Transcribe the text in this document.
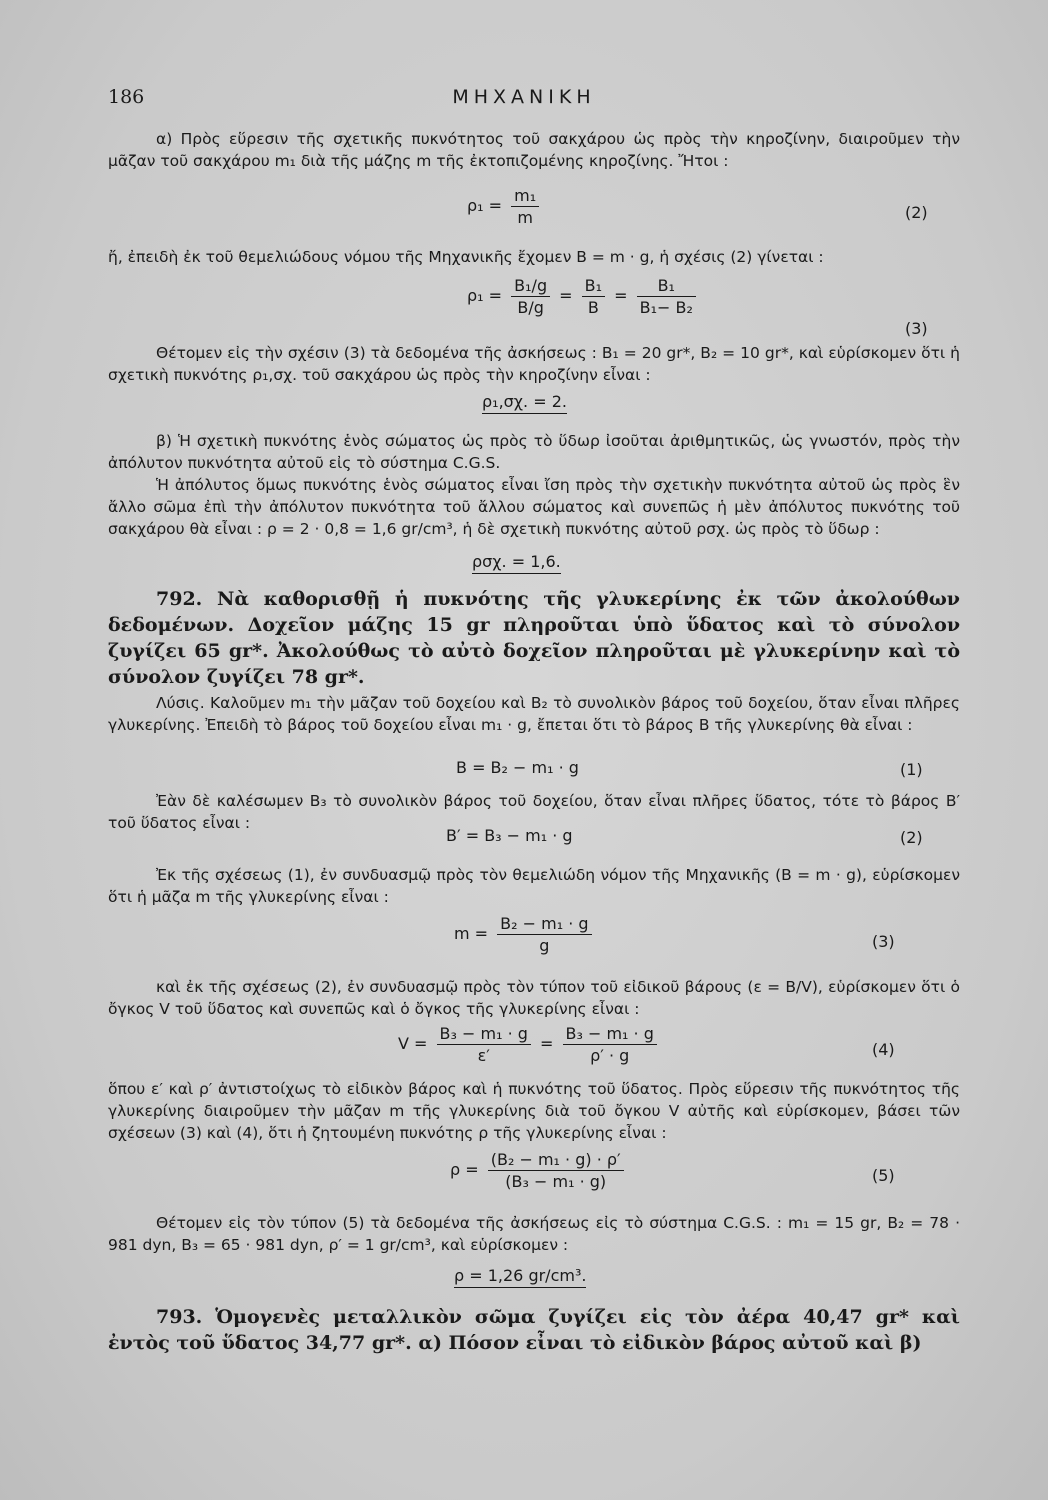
186	ΜΗΧΑΝΙΚΗ
α) Πρὸς εὕρεσιν τῆς σχετικῆς πυκνότητος τοῦ σακχάρου ὡς πρὸς τὴν κηροζίνην, διαιροῦμεν τὴν μᾶζαν τοῦ σακχάρου m₁ διὰ τῆς μάζης m τῆς ἐκτοπιζομένης κηροζίνης. Ἤτοι :
$\rho_1 = \frac{\text{m₁}}{m}$	(2)
ἤ, ἐπειδὴ ἐκ τοῦ θεμελιώδους νόμου τῆς Μηχανικῆς ἔχομεν B = m · g, ἡ σχέσις (2) γίνεται :
$\rho_1 = \frac{\text{B₁/g}}{B/g} = \frac{\text{B₁}}{B} = \frac{\text{B₁}}{\text{B₁− B₂}}$
(3)
Θέτομεν εἰς τὴν σχέσιν (3) τὰ δεδομένα τῆς ἀσκήσεως : B₁ = 20 gr*, B₂ = 10 gr*, καὶ εὑρίσκομεν ὅτι ἡ σχετικὴ πυκνότης ρ₁,σχ. τοῦ σακχάρου ὡς πρὸς τὴν κηροζίνην εἶναι :
ρ₁,σχ. = 2.
β) Ἡ σχετικὴ πυκνότης ἑνὸς σώματος ὡς πρὸς τὸ ὕδωρ ἰσοῦται ἀριθμητικῶς, ὡς γνωστόν, πρὸς τὴν ἀπόλυτον πυκνότητα αὐτοῦ εἰς τὸ σύστημα C.G.S.
Ἡ ἀπόλυτος ὅμως πυκνότης ἑνὸς σώματος εἶναι ἴση πρὸς τὴν σχετικὴν πυκνότητα αὐτοῦ ὡς πρὸς ἓν ἄλλο σῶμα ἐπὶ τὴν ἀπόλυτον πυκνότητα τοῦ ἄλλου σώματος καὶ συνεπῶς ἡ μὲν ἀπόλυτος πυκνότης τοῦ σακχάρου θὰ εἶναι : ρ = 2 · 0,8 = 1,6 gr/cm³, ἡ δὲ σχετικὴ πυκνότης αὐτοῦ ρσχ. ὡς πρὸς τὸ ὕδωρ :
ρσχ. = 1,6.
792. Νὰ καθορισθῇ ἡ πυκνότης τῆς γλυκερίνης ἐκ τῶν ἀκολούθων δεδομένων. Δοχεῖον μάζης 15 gr πληροῦται ὑπὸ ὕδατος καὶ τὸ σύνολον ζυγίζει 65 gr*. Ἀκολούθως τὸ αὐτὸ δοχεῖον πληροῦται μὲ γλυκερίνην καὶ τὸ σύνολον ζυγίζει 78 gr*.
Λύσις. Καλοῦμεν m₁ τὴν μᾶζαν τοῦ δοχείου καὶ B₂ τὸ συνολικὸν βάρος τοῦ δοχείου, ὅταν εἶναι πλῆρες γλυκερίνης. Ἐπειδὴ τὸ βάρος τοῦ δοχείου εἶναι m₁ · g, ἔπεται ὅτι τὸ βάρος B τῆς γλυκερίνης θὰ εἶναι :
B = B₂ − m₁ · g	(1)
Ἐὰν δὲ καλέσωμεν B₃ τὸ συνολικὸν βάρος τοῦ δοχείου, ὅταν εἶναι πλῆρες ὕδατος, τότε τὸ βάρος B′ τοῦ ὕδατος εἶναι :
B′ = B₃ − m₁ · g	(2)
Ἐκ τῆς σχέσεως (1), ἐν συνδυασμῷ πρὸς τὸν θεμελιώδη νόμον τῆς Μηχανικῆς (B = m · g), εὑρίσκομεν ὅτι ἡ μᾶζα m τῆς γλυκερίνης εἶναι :
$m = \frac{\text{B₂ − m₁ · g}}{g}$	(3)
καὶ ἐκ τῆς σχέσεως (2), ἐν συνδυασμῷ πρὸς τὸν τύπον τοῦ εἰδικοῦ βάρους (ε = B/V), εὑρίσκομεν ὅτι ὁ ὄγκος V τοῦ ὕδατος καὶ συνεπῶς καὶ ὁ ὄγκος τῆς γλυκερίνης εἶναι :
$V = \frac{\text{B₃ − m₁ · g}}{\varepsilon'} = \frac{\text{B₃ − m₁ · g}}{\rho' \cdot g}$	(4)
ὅπου ε′ καὶ ρ′ ἀντιστοίχως τὸ εἰδικὸν βάρος καὶ ἡ πυκνότης τοῦ ὕδατος. Πρὸς εὕρεσιν τῆς πυκνότητος τῆς γλυκερίνης διαιροῦμεν τὴν μᾶζαν m τῆς γλυκερίνης διὰ τοῦ ὄγκου V αὐτῆς καὶ εὑρίσκομεν, βάσει τῶν σχέσεων (3) καὶ (4), ὅτι ἡ ζητουμένη πυκνότης ρ τῆς γλυκερίνης εἶναι :
$\rho = \frac{\text{(B₂ − m₁ · g) · ρ′}}{\text{(B₃ − m₁ · g)}}$	(5)
Θέτομεν εἰς τὸν τύπον (5) τὰ δεδομένα τῆς ἀσκήσεως εἰς τὸ σύστημα C.G.S. : m₁ = 15 gr, B₂ = 78 · 981 dyn, B₃ = 65 · 981 dyn, ρ′ = 1 gr/cm³, καὶ εὑρίσκομεν :
ρ = 1,26 gr/cm³.
793. Ὁμογενὲς μεταλλικὸν σῶμα ζυγίζει εἰς τὸν ἀέρα 40,47 gr* καὶ ἐντὸς τοῦ ὕδατος 34,77 gr*. α) Πόσον εἶναι τὸ εἰδικὸν βάρος αὐτοῦ καὶ β)
